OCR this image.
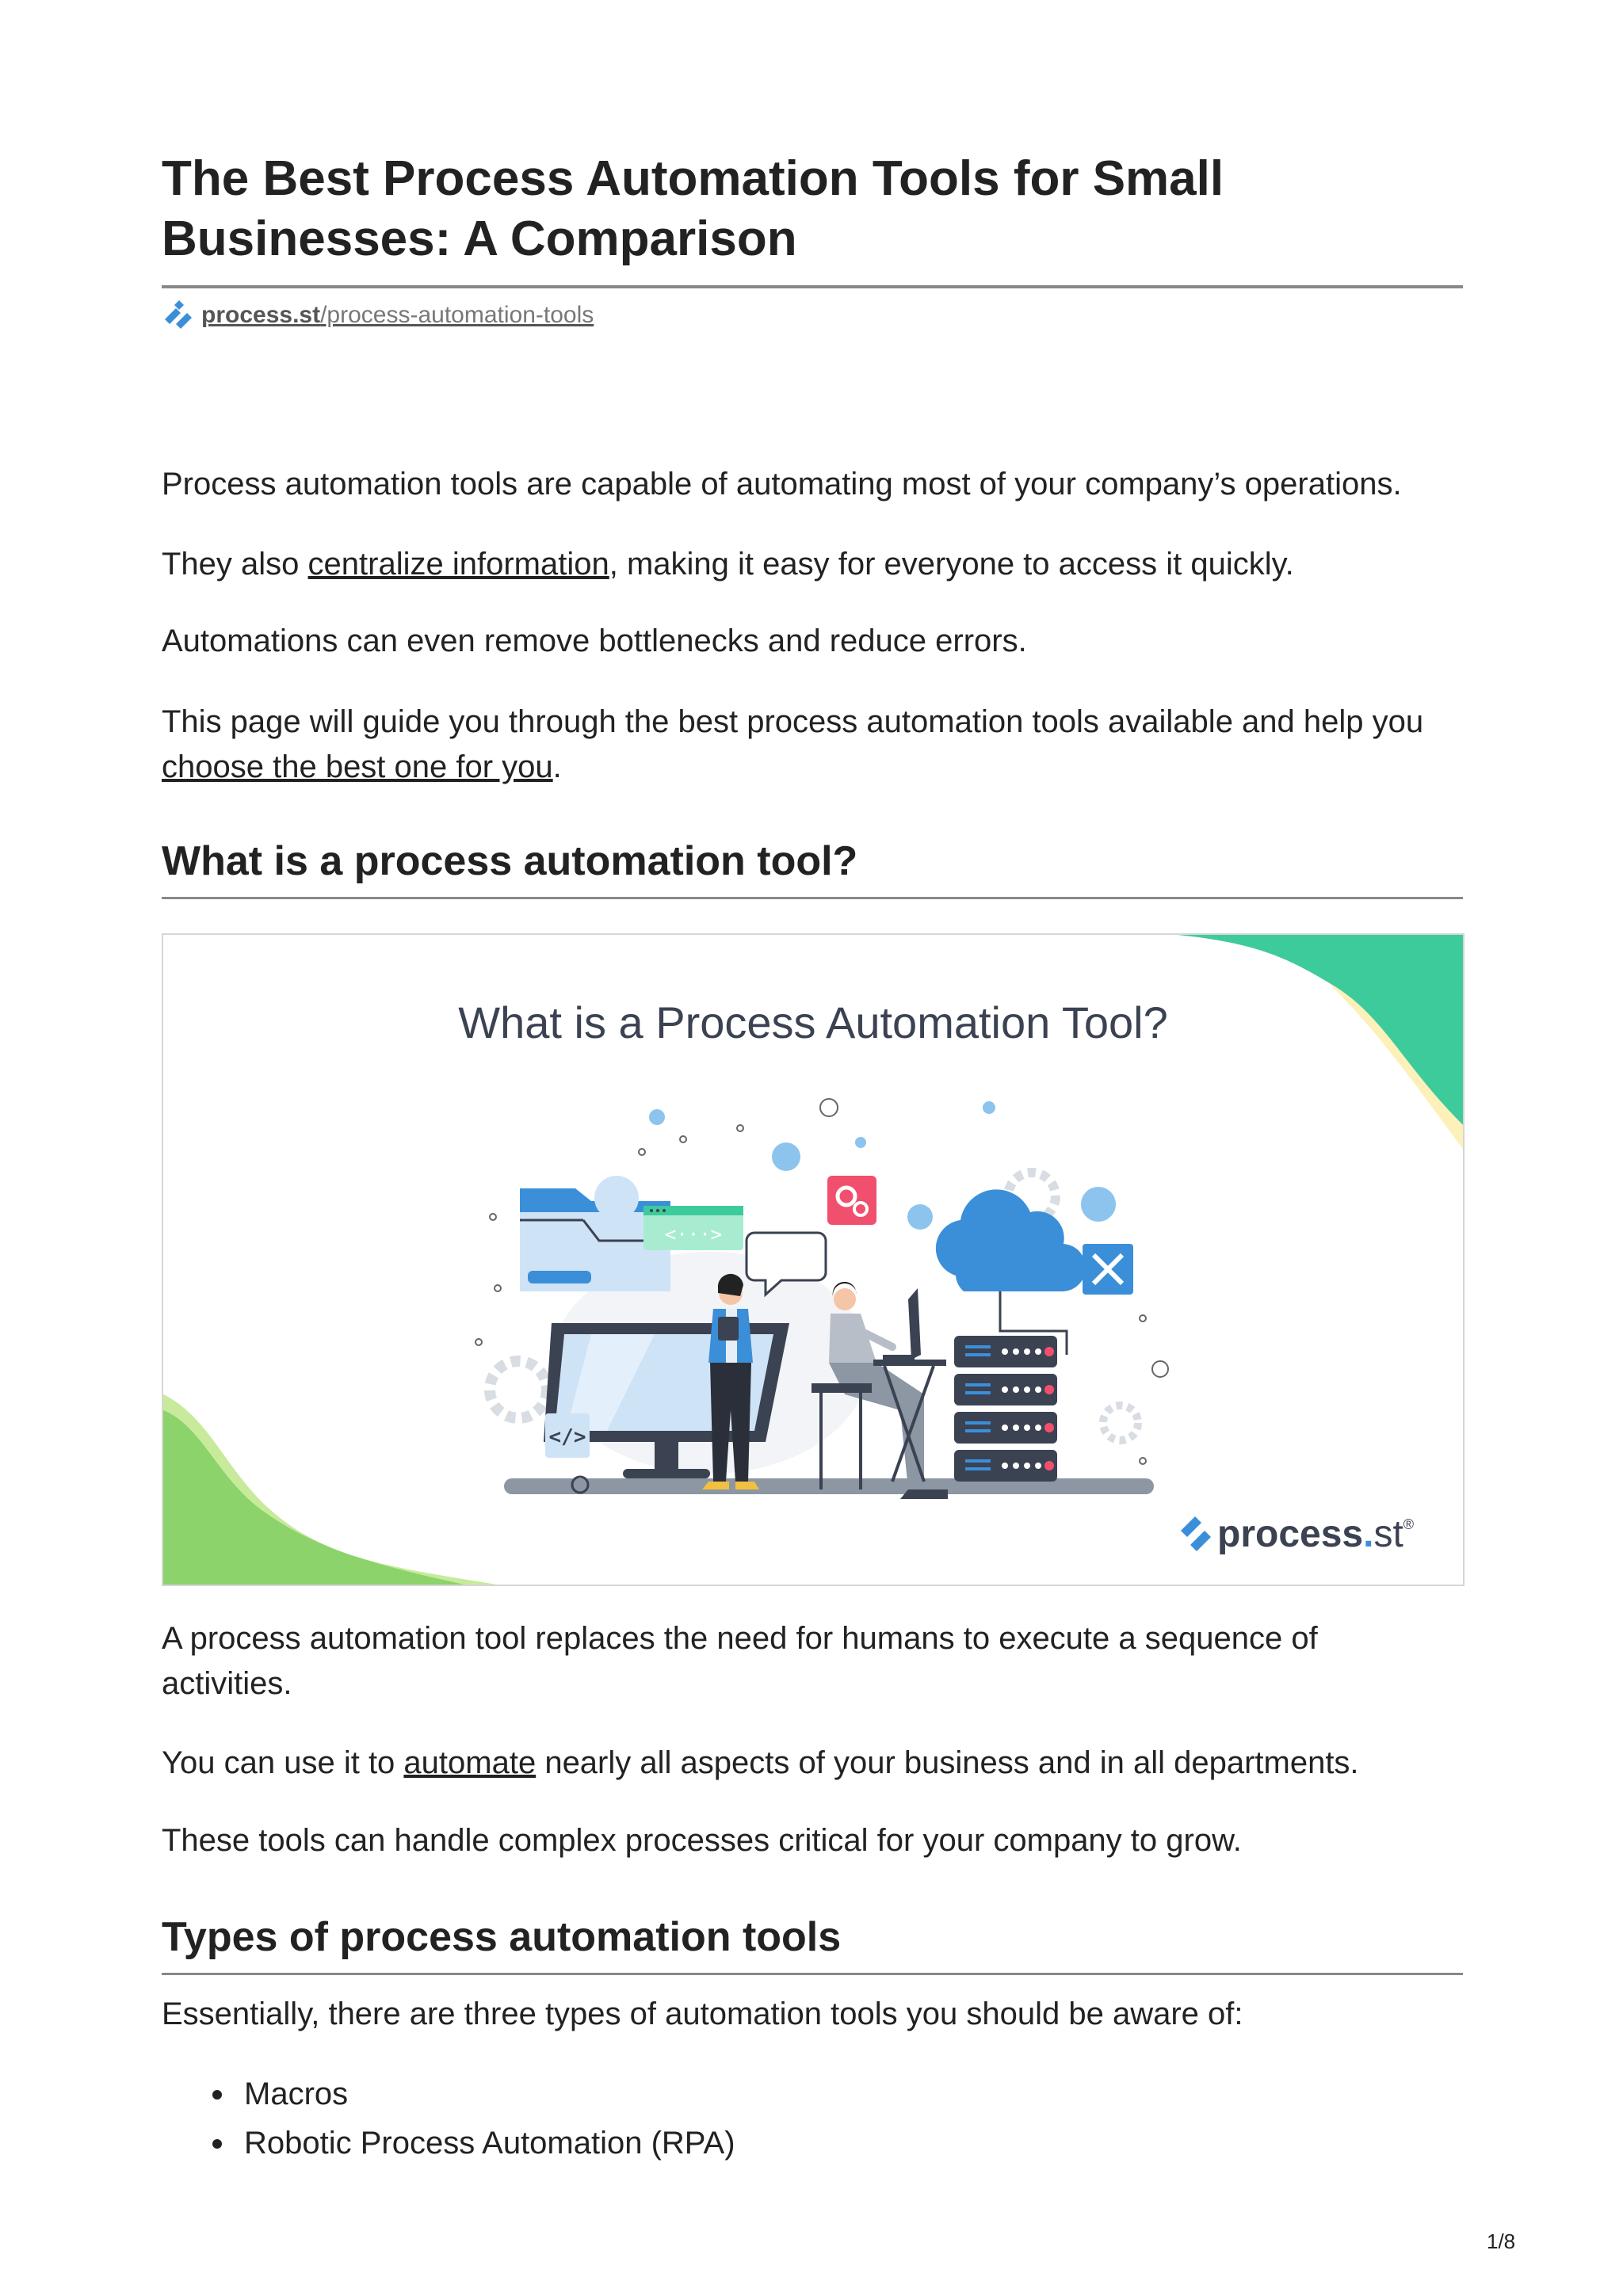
The Best Process Automation Tools for Small Businesses: A Comparison
process.st/process-automation-tools

Process automation tools are capable of automating most of your company’s operations.

They also centralize information, making it easy for everyone to access it quickly.

Automations can even remove bottlenecks and reduce errors.

This page will guide you through the best process automation tools available and help you choose the best one for you.

What is a process automation tool?
What is a Process Automation Tool?
<···>
</>
process.st®

A process automation tool replaces the need for humans to execute a sequence of activities.

You can use it to automate nearly all aspects of your business and in all departments.

These tools can handle complex processes critical for your company to grow.

Types of process automation tools

Essentially, there are three types of automation tools you should be aware of:

Macros
Robotic Process Automation (RPA)
1/8
